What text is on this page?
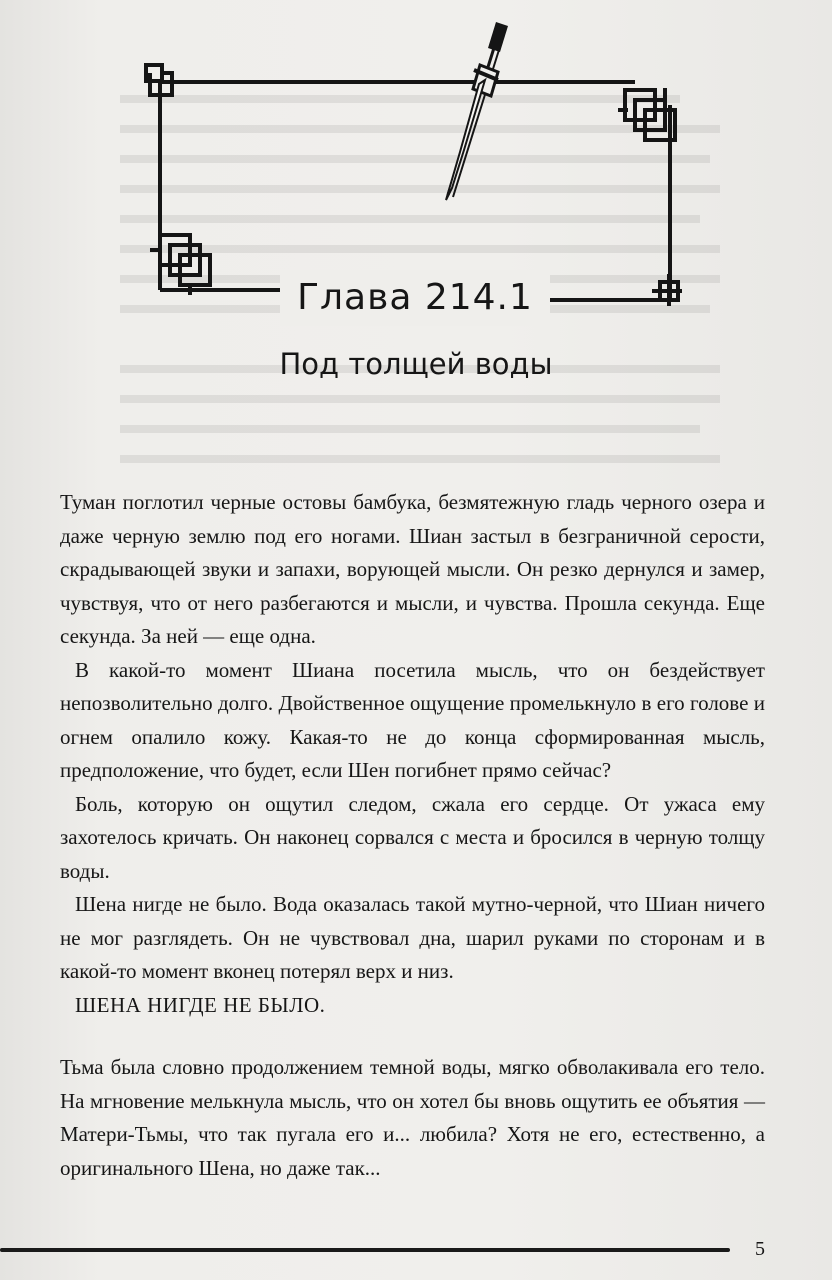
Глава 214.1
Под толщей воды

Туман поглотил черные остовы бамбука, безмятежную гладь черного озера и даже черную землю под его ногами. Шиан застыл в безграничной серости, скрадывающей звуки и запахи, ворующей мысли. Он резко дернулся и замер, чувствуя, что от него разбегаются и мысли, и чувства. Прошла секунда. Еще секунда. За ней — еще одна.

В какой-то момент Шиана посетила мысль, что он бездействует непозволительно долго. Двойственное ощущение промелькнуло в его голове и огнем опалило кожу. Какая-то не до конца сформированная мысль, предположение, что будет, если Шен погибнет прямо сейчас?

Боль, которую он ощутил следом, сжала его сердце. От ужаса ему захотелось кричать. Он наконец сорвался с места и бросился в черную толщу воды.

Шена нигде не было. Вода оказалась такой мутно-черной, что Шиан ничего не мог разглядеть. Он не чувствовал дна, шарил руками по сторонам и в какой-то момент вконец потерял верх и низ.

ШЕНА НИГДЕ НЕ БЫЛО.

Тьма была словно продолжением темной воды, мягко обволакивала его тело. На мгновение мелькнула мысль, что он хотел бы вновь ощутить ее объятия — Матери-Тьмы, что так пугала его и... любила? Хотя не его, естественно, а оригинального Шена, но даже так...

5
